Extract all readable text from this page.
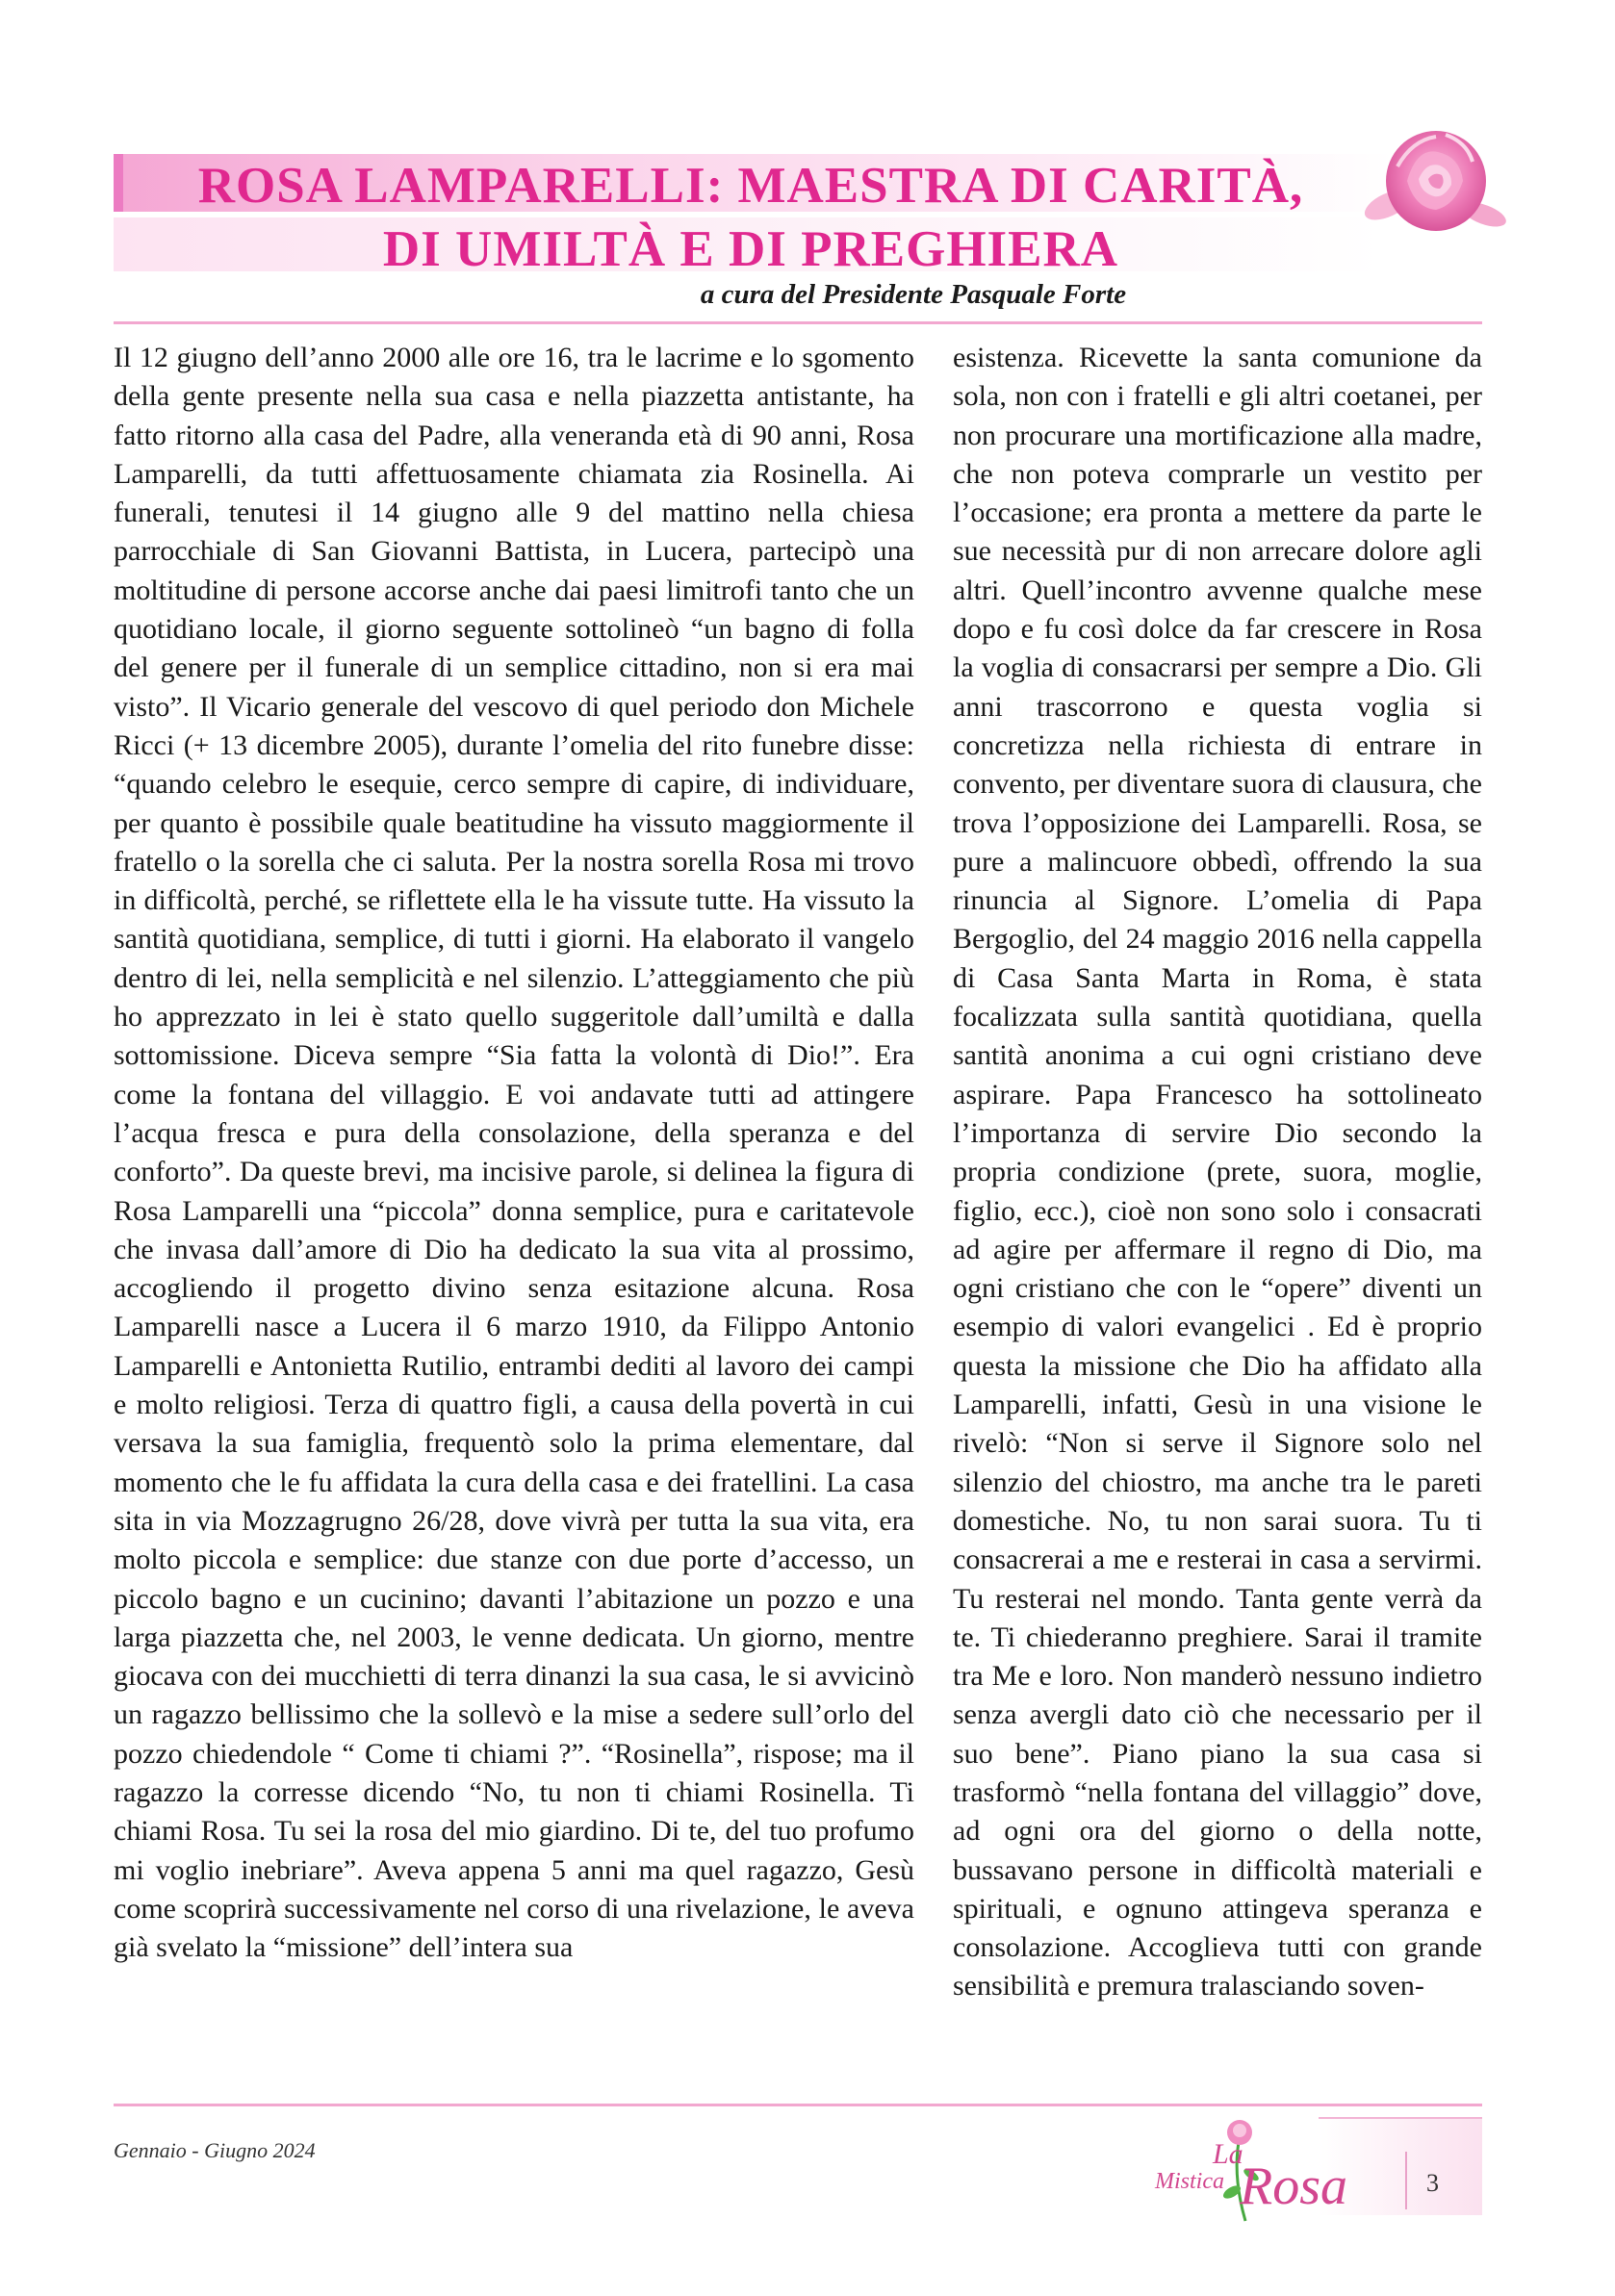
ROSA LAMPARELLI: MAESTRA DI CARITÀ,
DI UMILTÀ E DI PREGHIERA
a cura del Presidente Pasquale Forte

Il 12 giugno dell’anno 2000 alle ore 16, tra le lacrime e lo sgomento della gente presente nella sua casa e nella piazzetta antistante, ha fatto ritorno alla casa del Padre, alla veneranda età di 90 anni, Rosa Lamparelli, da tutti affettuosamente chiamata zia Rosinella. Ai funerali, tenutesi il 14 giugno alle 9 del mattino nella chiesa parrocchiale di San Giovanni Battista, in Lucera, partecipò una moltitudine di persone accorse anche dai paesi limitrofi tanto che un quotidiano locale, il giorno seguente sottolineò “un bagno di folla del genere per il funerale di un semplice cittadino, non si era mai visto”. Il Vicario generale del vescovo di quel periodo don Michele Ricci (+ 13 dicembre 2005), durante l’omelia del rito funebre disse: “quando celebro le esequie, cerco sempre di capire, di individuare, per quanto è possibile quale beatitudine ha vissuto maggiormente il fratello o la sorella che ci saluta. Per la nostra sorella Rosa mi trovo in difficoltà, perché, se riflettete ella le ha vissute tutte. Ha vissuto la santità quotidiana, semplice, di tutti i giorni. Ha elaborato il vangelo dentro di lei, nella semplicità e nel silenzio. L’atteggiamento che più ho apprezzato in lei è stato quello suggeritole dall’umiltà e dalla sottomissione. Diceva sempre “Sia fatta la volontà di Dio!”. Era come la fontana del villaggio. E voi andavate tutti ad attingere l’acqua fresca e pura della consolazione, della speranza e del conforto”. Da queste brevi, ma incisive parole, si delinea la figura di Rosa Lamparelli una “piccola” donna semplice, pura e caritatevole che invasa dall’amore di Dio ha dedicato la sua vita al prossimo, accogliendo il progetto divino senza esitazione alcuna. Rosa Lamparelli nasce a Lucera il 6 marzo 1910, da Filippo Antonio Lamparelli e Antonietta Rutilio, entrambi dediti al lavoro dei campi e molto religiosi. Terza di quattro figli, a causa della povertà in cui versava la sua famiglia, frequentò solo la prima elementare, dal momento che le fu affidata la cura della casa e dei fratellini. La casa sita in via Mozzagrugno 26/28, dove vivrà per tutta la sua vita, era molto piccola e semplice: due stanze con due porte d’accesso, un piccolo bagno e un cucinino; davanti l’abitazione un pozzo e una larga piazzetta che, nel 2003, le venne dedicata. Un giorno, mentre giocava con dei mucchietti di terra dinanzi la sua casa, le si avvicinò un ragazzo bellissimo che la sollevò e la mise a sedere sull’orlo del pozzo chiedendole “ Come ti chiami ?”. “Rosinella”, rispose; ma il ragazzo la corresse dicendo “No, tu non ti chiami Rosinella. Ti chiami Rosa. Tu sei la rosa del mio giardino. Di te, del tuo profumo mi voglio inebriare”. Aveva appena 5 anni ma quel ragazzo, Gesù come scoprirà successivamente nel corso di una rivelazione, le aveva già svelato la “missione” dell’intera sua

esistenza. Ricevette la santa comunione da sola, non con i fratelli e gli altri coetanei, per non procurare una mortificazione alla madre, che non poteva comprarle un vestito per l’occasione; era pronta a mettere da parte le sue necessità pur di non arrecare dolore agli altri. Quell’incontro avvenne qualche mese dopo e fu così dolce da far crescere in Rosa la voglia di consacrarsi per sempre a Dio. Gli anni trascorrono e questa voglia si concretizza nella richiesta di entrare in convento, per diventare suora di clausura, che trova l’opposizione dei Lamparelli. Rosa, se pure a malincuore obbedì, offrendo la sua rinuncia al Signore. L’omelia di Papa Bergoglio, del 24 maggio 2016 nella cappella di Casa Santa Marta in Roma, è stata focalizzata sulla santità quotidiana, quella santità anonima a cui ogni cristiano deve aspirare. Papa Francesco ha sottolineato l’importanza di servire Dio secondo la propria condizione (prete, suora, moglie, figlio, ecc.), cioè non sono solo i consacrati ad agire per affermare il regno di Dio, ma ogni cristiano che con le “opere” diventi un esempio di valori evangelici . Ed è proprio questa la missione che Dio ha affidato alla Lamparelli, infatti, Gesù in una visione le rivelò: “Non si serve il Signore solo nel silenzio del chiostro, ma anche tra le pareti domestiche. No, tu non sarai suora. Tu ti consacrerai a me e resterai in casa a servirmi. Tu resterai nel mondo. Tanta gente verrà da te. Ti chiederanno preghiere. Sarai il tramite tra Me e loro. Non manderò nessuno indietro senza avergli dato ciò che necessario per il suo bene”. Piano piano la sua casa si trasformò “nella fontana del villaggio” dove, ad ogni ora del giorno o della notte, bussavano persone in difficoltà materiali e spirituali, e ognuno attingeva speranza e consolazione. Accoglieva tutti con grande sensibilità e premura tralasciando soven-

Gennaio - Giugno 2024	La
Mistica Rosa	3
